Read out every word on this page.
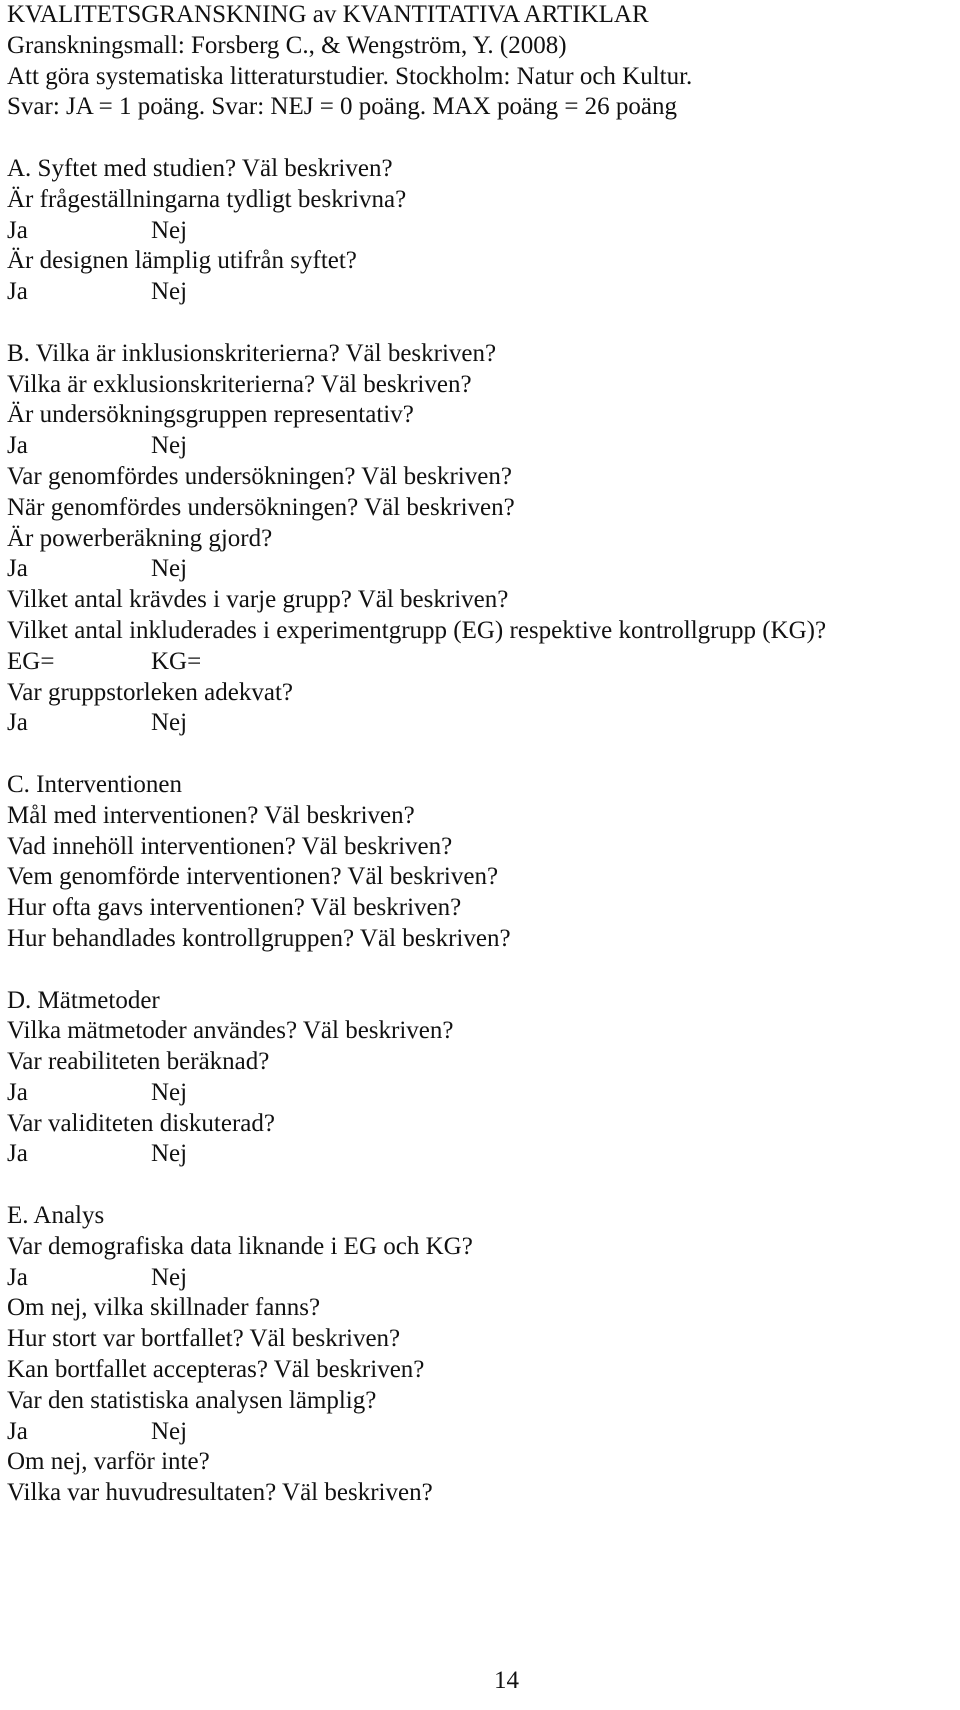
KVALITETSGRANSKNING av KVANTITATIVA ARTIKLAR
Granskningsmall: Forsberg C., & Wengström, Y. (2008)
Att göra systematiska litteraturstudier. Stockholm: Natur och Kultur.
Svar: JA = 1 poäng. Svar: NEJ = 0 poäng. MAX poäng = 26 poäng
A. Syftet med studien? Väl beskriven?
Är frågeställningarna tydligt beskrivna?
Ja	Nej
Är designen lämplig utifrån syftet?
Ja	Nej
B. Vilka är inklusionskriterierna? Väl beskriven?
Vilka är exklusionskriterierna? Väl beskriven?
Är undersökningsgruppen representativ?
Ja	Nej
Var genomfördes undersökningen? Väl beskriven?
När genomfördes undersökningen? Väl beskriven?
Är powerberäkning gjord?
Ja	Nej
Vilket antal krävdes i varje grupp? Väl beskriven?
Vilket antal inkluderades i experimentgrupp (EG) respektive kontrollgrupp (KG)?
EG=	KG=
Var gruppstorleken adekvat?
Ja	Nej
C. Interventionen
Mål med interventionen? Väl beskriven?
Vad innehöll interventionen? Väl beskriven?
Vem genomförde interventionen? Väl beskriven?
Hur ofta gavs interventionen? Väl beskriven?
Hur behandlades kontrollgruppen? Väl beskriven?
D. Mätmetoder
Vilka mätmetoder användes? Väl beskriven?
Var reabiliteten beräknad?
Ja	Nej
Var validiteten diskuterad?
Ja	Nej
E. Analys
Var demografiska data liknande i EG och KG?
Ja	Nej
Om nej, vilka skillnader fanns?
Hur stort var bortfallet? Väl beskriven?
Kan bortfallet accepteras? Väl beskriven?
Var den statistiska analysen lämplig?
Ja	Nej
Om nej, varför inte?
Vilka var huvudresultaten? Väl beskriven?
14
